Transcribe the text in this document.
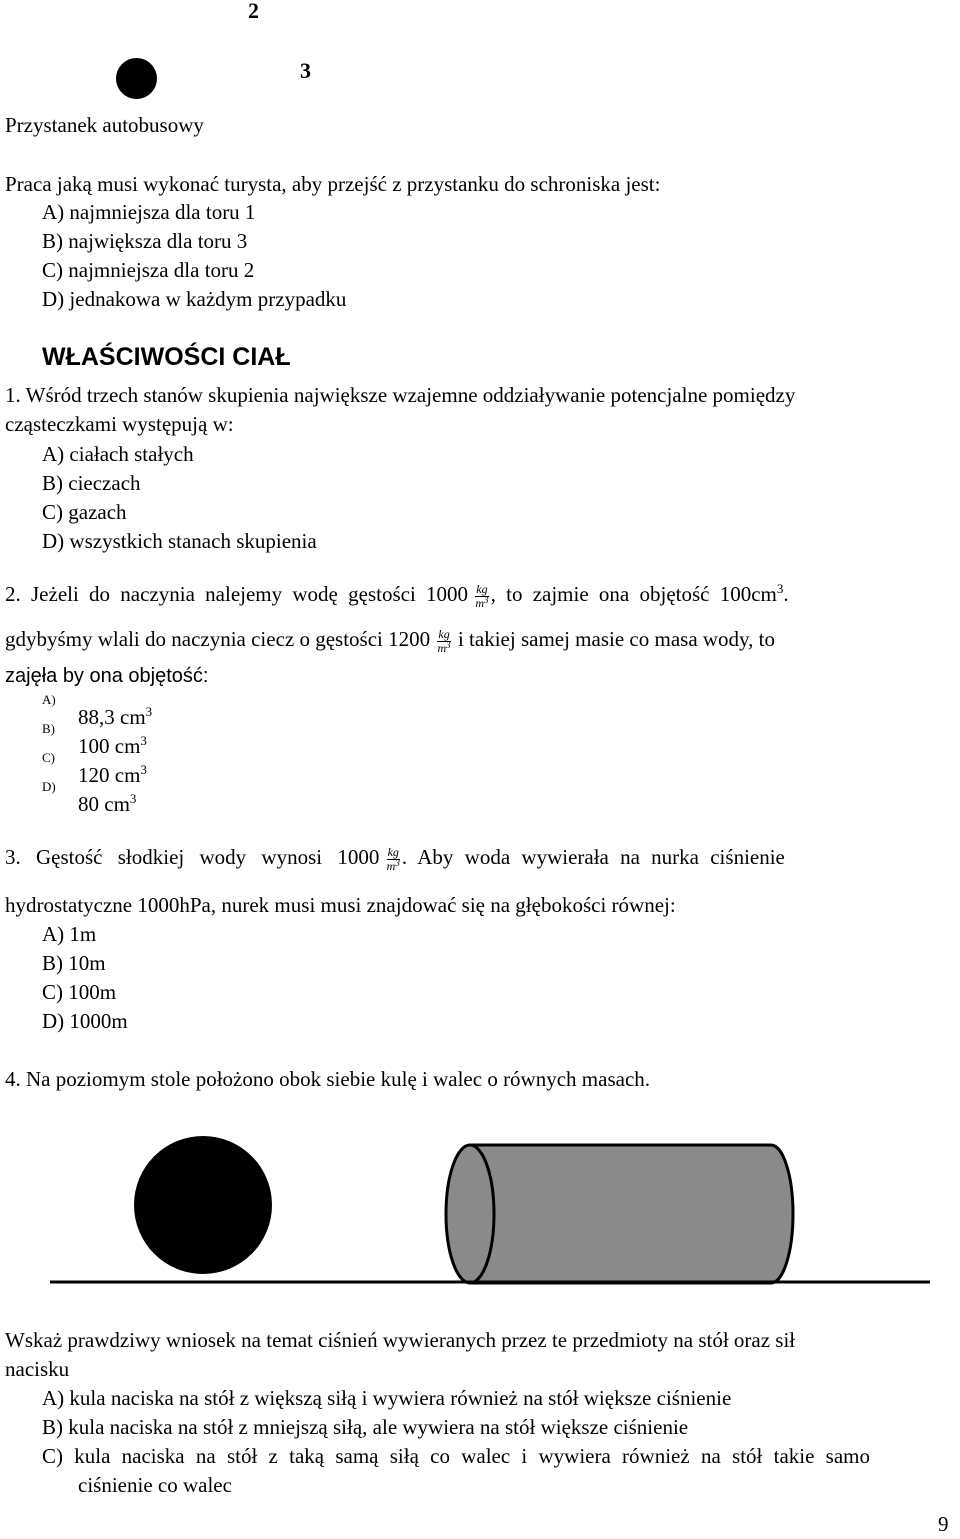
2
3
Przystanek autobusowy
Praca jaką musi wykonać turysta, aby przejść z przystanku do schroniska jest:
A) najmniejsza dla toru 1
B) największa dla toru 3
C) najmniejsza dla toru 2
D) jednakowa w każdym przypadku
WŁAŚCIWOŚCI CIAŁ
1. Wśród trzech stanów skupienia największe wzajemne oddziaływanie potencjalne pomiędzy
cząsteczkami występują w:
A) ciałach stałych
B) cieczach
C) gazach
D) wszystkich stanach skupienia
2. Jeżeli do naczynia nalejemy wodę gęstości $1000 \frac{kg}{m^3}$ , to zajmie ona objętość $100cm^3$.
gdybyśmy wlali do naczynia ciecz o gęstości $1200 \frac{kg}{m^3}$ i takiej samej masie co masa wody, to
zajęła by ona objętość:
A)
88,3 $cm^3$
B)
100 $cm^3$
C)
120 $cm^3$
D)
80 $cm^3$
3. Gęstość słodkiej wody wynosi $1000 \frac{kg}{m^3}$ . Aby woda wywierała na nurka ciśnienie
hydrostatyczne 1000hPa, nurek musi musi znajdować się na głębokości równej:
A) 1m
B) 10m
C) 100m
D) 1000m
4. Na poziomym stole położono obok siebie kulę i walec o równych masach.
Wskaż prawdziwy wniosek na temat ciśnień wywieranych przez te przedmioty na stół oraz sił
nacisku
A) kula naciska na stół z większą siłą i wywiera również na stół większe ciśnienie
B) kula naciska na stół z mniejszą siłą, ale wywiera na stół większe ciśnienie
C) kula naciska na stół z taką samą siłą co walec i wywiera również na stół takie samo
ciśnienie co walec
9
